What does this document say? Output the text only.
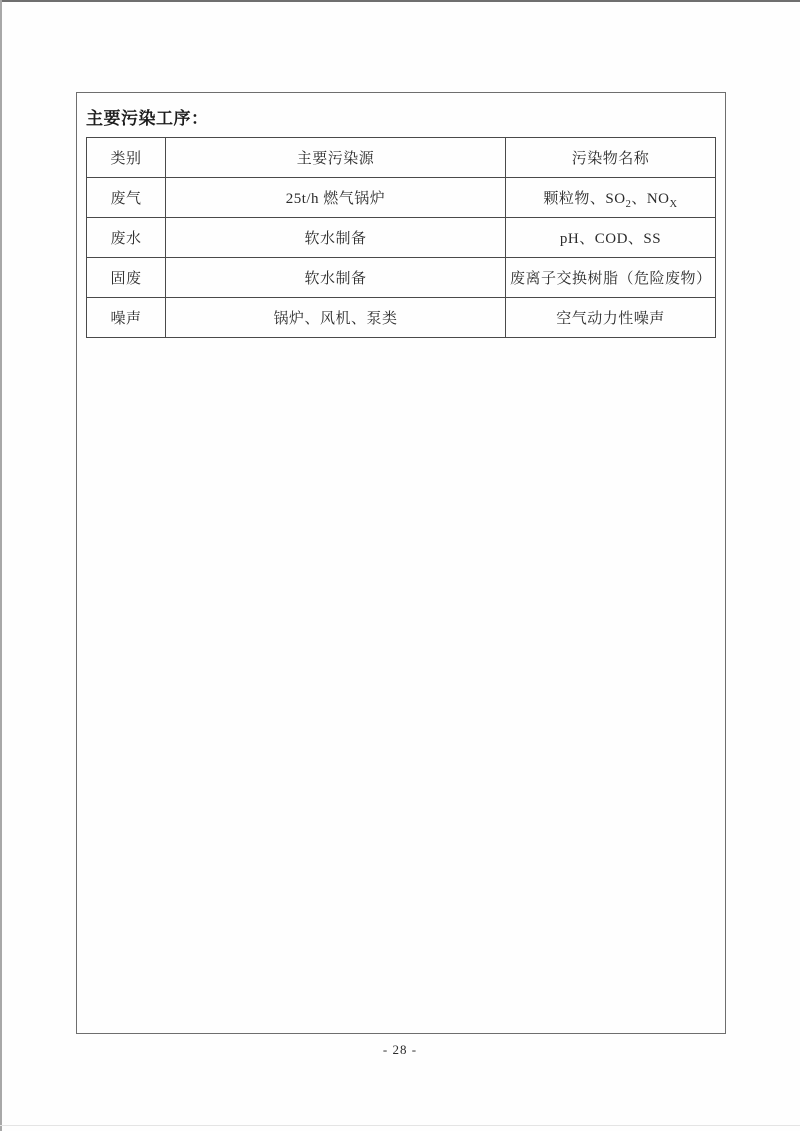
主要污染工序：
类别	主要污染源	污染物名称
废气	25t/h 燃气锅炉	颗粒物、$SO_2$、$NO_X$
废水	软水制备	pH、COD、SS
固废	软水制备	废离子交换树脂（危险废物）
噪声	锅炉、风机、泵类	空气动力性噪声
- 28 -
